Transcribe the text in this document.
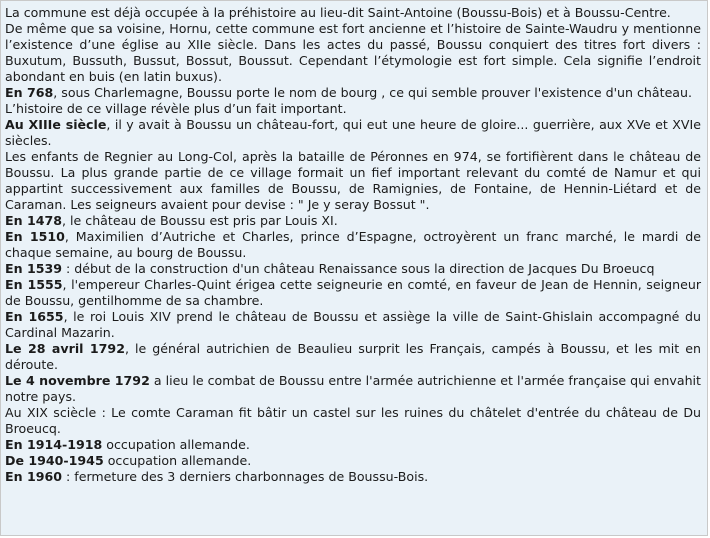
La commune est déjà occupée à la préhistoire au lieu-dit Saint-Antoine (Boussu-Bois) et à Boussu-Centre.

De même que sa voisine, Hornu, cette commune est fort ancienne et l’histoire de Sainte-Waudru y mentionne l’existence d’une église au XIIe siècle. Dans les actes du passé, Boussu conquiert des titres fort divers : Buxutum, Bussuth, Bussut, Bossut, Boussut. Cependant l’étymologie est fort simple. Cela signifie l’endroit abondant en buis (en latin buxus).

En 768, sous Charlemagne, Boussu porte le nom de bourg , ce qui semble prouver l'existence d'un château.

L’histoire de ce village révèle plus d’un fait important.

Au XIIIe siècle, il y avait à Boussu un château-fort, qui eut une heure de gloire... guerrière, aux XVe et XVIe siècles.

Les enfants de Regnier au Long-Col, après la bataille de Péronnes en 974, se fortifièrent dans le château de Boussu. La plus grande partie de ce village formait un fief important relevant du comté de Namur et qui appartint successivement aux familles de Boussu, de Ramignies, de Fontaine, de Hennin-Liétard et de Caraman. Les seigneurs avaient pour devise : " Je y seray Bossut ".

En 1478, le château de Boussu est pris par Louis XI.

En 1510, Maximilien d’Autriche et Charles, prince d’Espagne, octroyèrent un franc marché, le mardi de chaque semaine, au bourg de Boussu.

En 1539 : début de la construction d'un château Renaissance sous la direction de Jacques Du Broeucq

En 1555, l'empereur Charles-Quint érigea cette seigneurie en comté, en faveur de Jean de Hennin, seigneur de Boussu, gentilhomme de sa chambre.

En 1655, le roi Louis XIV prend le château de Boussu et assiège la ville de Saint-Ghislain accompagné du Cardinal Mazarin.

Le 28 avril 1792, le général autrichien de Beaulieu surprit les Français, campés à Boussu, et les mit en déroute.

Le 4 novembre 1792 a lieu le combat de Boussu entre l'armée autrichienne et l'armée française qui envahit notre pays.

Au XIX sciècle : Le comte Caraman fit bâtir un castel sur les ruines du châtelet d'entrée du château de Du Broeucq.

En 1914-1918 occupation allemande.

De 1940-1945 occupation allemande.

En 1960 : fermeture des 3 derniers charbonnages de Boussu-Bois.
